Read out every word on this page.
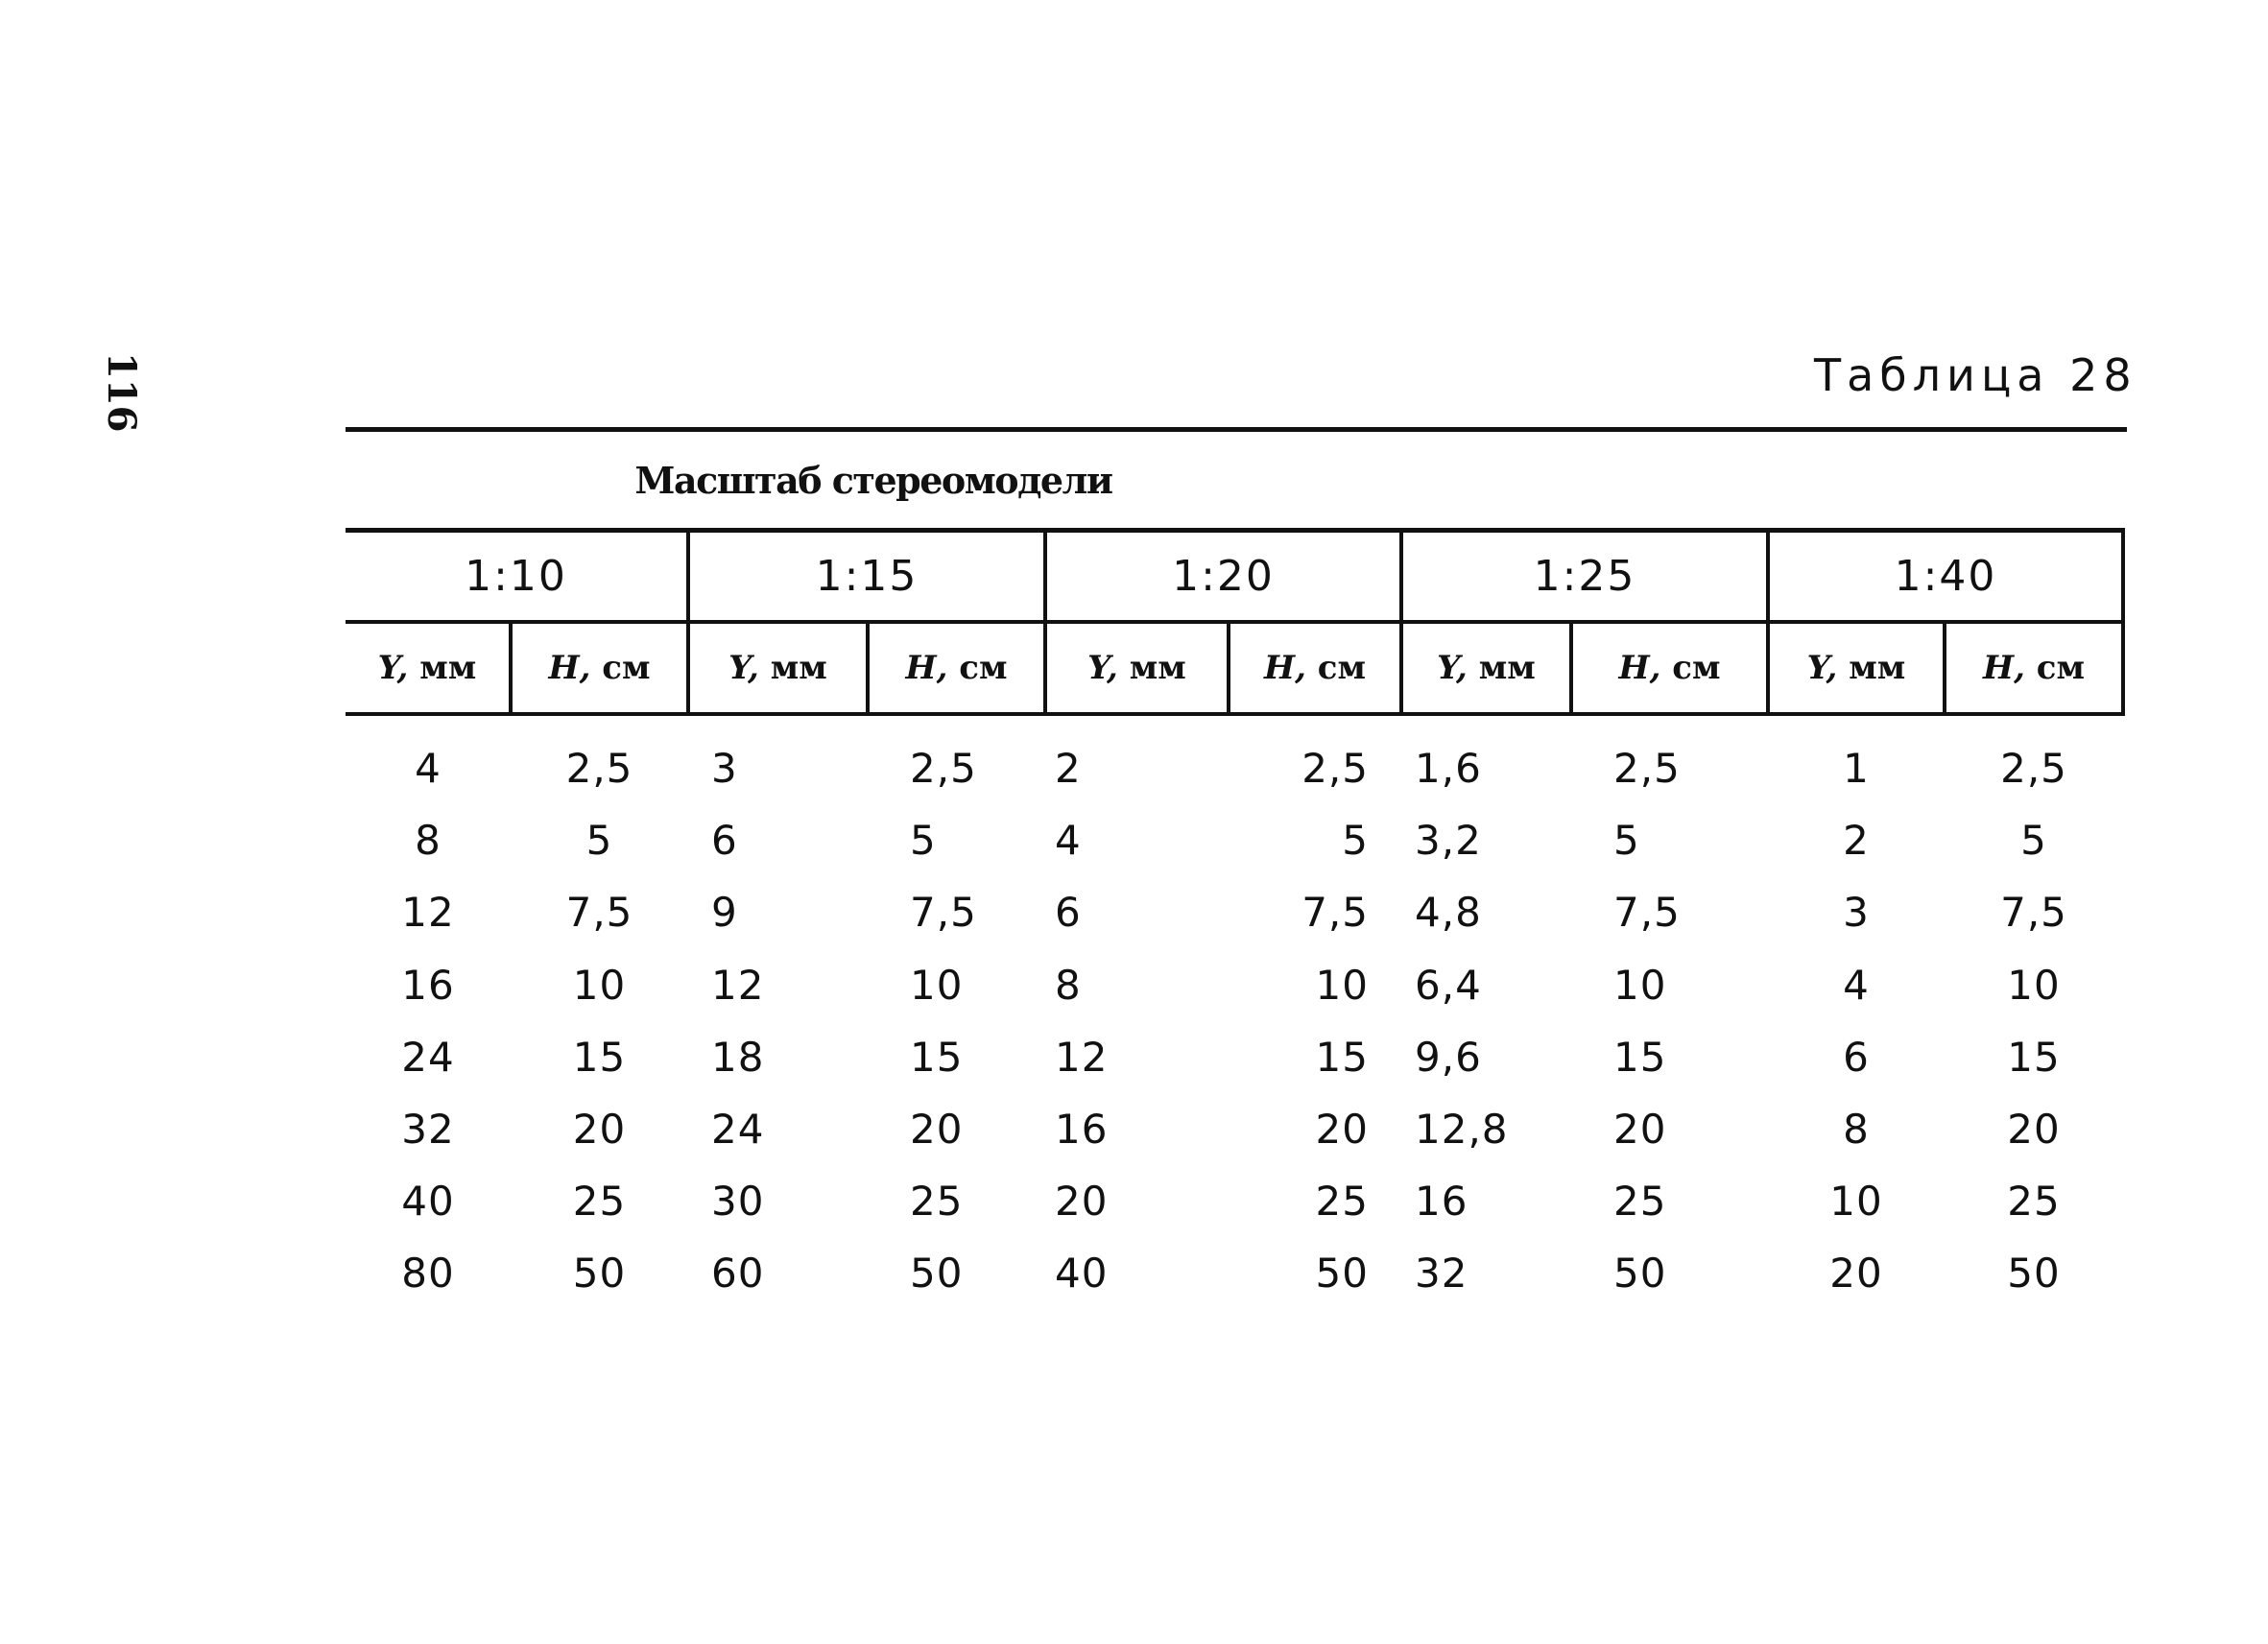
116	Таблица 28
Масштаб стереомодели
1:10		1:15		1:20		1:25		1:40	
Y, мм	H, см	Y, мм	H, см	Y, мм	H, см	Y, мм	H, см	Y, мм	H, см
4	2,5	3	2,5	2	2,5	1,6	2,5	1	2,5
8	5	6	5	4	5	3,2	5	2	5
12	7,5	9	7,5	6	7,5	4,8	7,5	3	7,5
16	10	12	10	8	10	6,4	10	4	10
24	15	18	15	12	15	9,6	15	6	15
32	20	24	20	16	20	12,8	20	8	20
40	25	30	25	20	25	16	25	10	25
80	50	60	50	40	50	32	50	20	50
